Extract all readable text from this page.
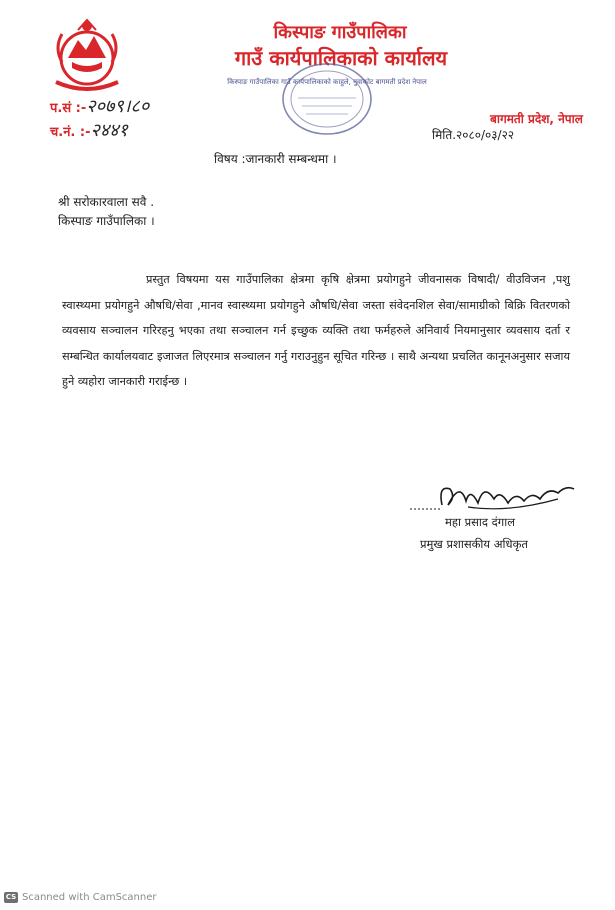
किस्पाङ गाउँपालिका
गाउँ कार्यपालिकाको कार्यालय
किस्पाङ गाउँपालिका गाउँ कार्यपालिकाको काहुले, नुवाकोट बागमती प्रदेश नेपाल
प.सं :-२०७९।८०
च.नं. :-२४४१
बागमती प्रदेश, नेपाल
मिति.२०८०/०३/२२
विषय :जानकारी सम्बन्धमा ।
श्री सरोकारवाला सवै .
किस्पाङ गाउँपालिका ।
प्रस्तुत विषयमा यस गाउँपालिका क्षेत्रमा कृषि क्षेत्रमा प्रयोगहुने जीवनासक विषादी/ वीउविजन ,पशु स्वास्थ्यमा प्रयोगहुने औषधि/सेवा ,मानव स्वास्थ्यमा प्रयोगहुने औषधि/सेवा जस्ता संवेदनशिल सेवा/सामाग्रीको बिक्रि वितरणको व्यवसाय सञ्चालन गरिरहनु भएका तथा सञ्चालन गर्न इच्छुक व्यक्ति तथा फर्महरुले अनिवार्य नियमानुसार व्यवसाय दर्ता र सम्बन्धित कार्यालयवाट इजाजत लिएरमात्र सञ्चालन गर्नु गराउनुहुन सूचित गरिन्छ । साथै अन्यथा प्रचलित कानूनअनुसार सजाय हुने व्यहोरा जानकारी गराईन्छ ।
महा प्रसाद दंगाल
प्रमुख प्रशासकीय अधिकृत
CS Scanned with CamScanner
